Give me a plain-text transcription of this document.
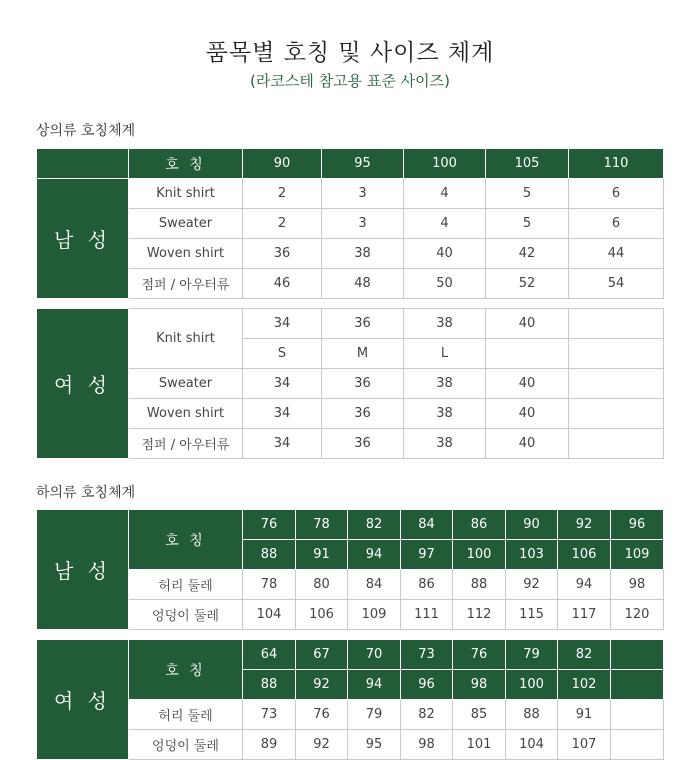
품목별 호칭 및 사이즈 체계
(라코스테 참고용 표준 사이즈)
상의류 호칭체계
	호 칭	90	95	100	105	110
남 성	Knit shirt	2	3	4	5	6
	Sweater	2	3	4	5	6
	Woven shirt	36	38	40	42	44
	점퍼 / 아우터류	46	48	50	52	54
여 성	Knit shirt	34	36	38	40	
		S	M	L		
	Sweater	34	36	38	40	
	Woven shirt	34	36	38	40	
	점퍼 / 아우터류	34	36	38	40	
하의류 호칭체계
남 성	호 칭	76	78	82	84	86	90	92	96
		88	91	94	97	100	103	106	109
	허리 둘레	78	80	84	86	88	92	94	98
	엉덩이 둘레	104	106	109	111	112	115	117	120
여 성	호 칭	64	67	70	73	76	79	82	
		88	92	94	96	98	100	102	
	허리 둘레	73	76	79	82	85	88	91	
	엉덩이 둘레	89	92	95	98	101	104	107	
